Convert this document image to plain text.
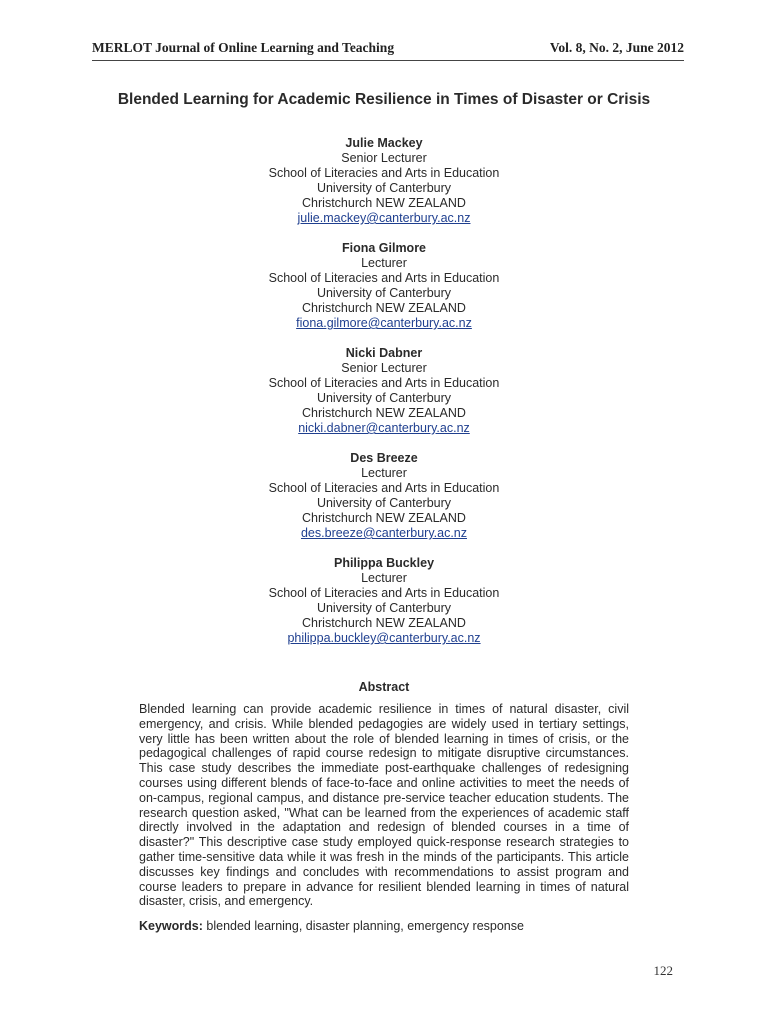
MERLOT Journal of Online Learning and Teaching	Vol. 8, No. 2, June 2012
Blended Learning for Academic Resilience in Times of Disaster or Crisis
Julie Mackey
Senior Lecturer
School of Literacies and Arts in Education
University of Canterbury
Christchurch NEW ZEALAND
julie.mackey@canterbury.ac.nz
Fiona Gilmore
Lecturer
School of Literacies and Arts in Education
University of Canterbury
Christchurch NEW ZEALAND
fiona.gilmore@canterbury.ac.nz
Nicki Dabner
Senior Lecturer
School of Literacies and Arts in Education
University of Canterbury
Christchurch NEW ZEALAND
nicki.dabner@canterbury.ac.nz
Des Breeze
Lecturer
School of Literacies and Arts in Education
University of Canterbury
Christchurch NEW ZEALAND
des.breeze@canterbury.ac.nz
Philippa Buckley
Lecturer
School of Literacies and Arts in Education
University of Canterbury
Christchurch NEW ZEALAND
philippa.buckley@canterbury.ac.nz
Abstract
Blended learning can provide academic resilience in times of natural disaster, civil emergency, and crisis. While blended pedagogies are widely used in tertiary settings, very little has been written about the role of blended learning in times of crisis, or the pedagogical challenges of rapid course redesign to mitigate disruptive circumstances. This case study describes the immediate post-earthquake challenges of redesigning courses using different blends of face-to-face and online activities to meet the needs of on-campus, regional campus, and distance pre-service teacher education students. The research question asked, "What can be learned from the experiences of academic staff directly involved in the adaptation and redesign of blended courses in a time of disaster?" This descriptive case study employed quick-response research strategies to gather time-sensitive data while it was fresh in the minds of the participants. This article discusses key findings and concludes with recommendations to assist program and course leaders to prepare in advance for resilient blended learning in times of natural disaster, crisis, and emergency.
Keywords: blended learning, disaster planning, emergency response
122
